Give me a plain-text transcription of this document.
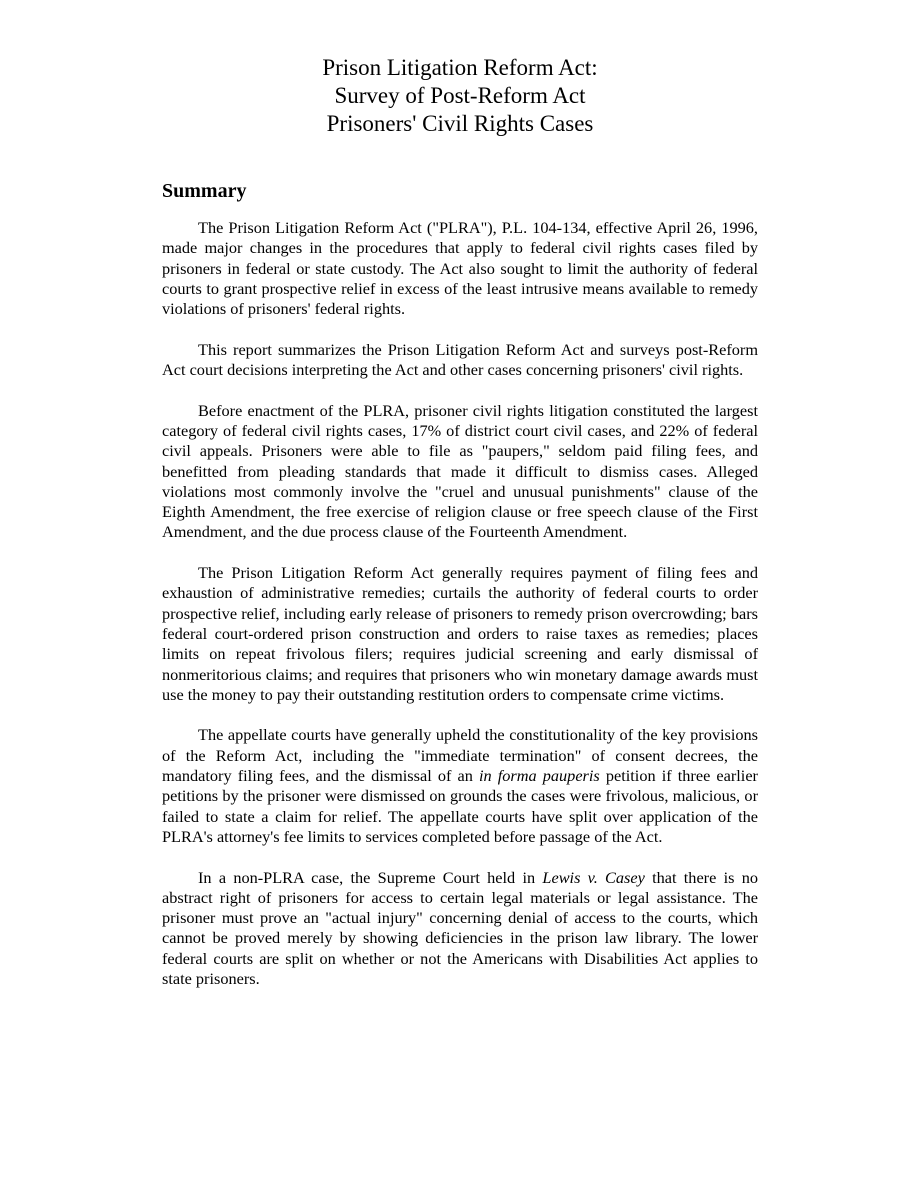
Prison Litigation Reform Act:
Survey of Post-Reform Act
Prisoners' Civil Rights Cases
Summary

The Prison Litigation Reform Act ("PLRA"), P.L. 104-134, effective April 26, 1996, made major changes in the procedures that apply to federal civil rights cases filed by prisoners in federal or state custody. The Act also sought to limit the authority of federal courts to grant prospective relief in excess of the least intrusive means available to remedy violations of prisoners' federal rights.

This report summarizes the Prison Litigation Reform Act and surveys post-Reform Act court decisions interpreting the Act and other cases concerning prisoners' civil rights.

Before enactment of the PLRA, prisoner civil rights litigation constituted the largest category of federal civil rights cases, 17% of district court civil cases, and 22% of federal civil appeals. Prisoners were able to file as "paupers," seldom paid filing fees, and benefitted from pleading standards that made it difficult to dismiss cases. Alleged violations most commonly involve the "cruel and unusual punishments" clause of the Eighth Amendment, the free exercise of religion clause or free speech clause of the First Amendment, and the due process clause of the Fourteenth Amendment.

The Prison Litigation Reform Act generally requires payment of filing fees and exhaustion of administrative remedies; curtails the authority of federal courts to order prospective relief, including early release of prisoners to remedy prison overcrowding; bars federal court-ordered prison construction and orders to raise taxes as remedies; places limits on repeat frivolous filers; requires judicial screening and early dismissal of nonmeritorious claims; and requires that prisoners who win monetary damage awards must use the money to pay their outstanding restitution orders to compensate crime victims.

The appellate courts have generally upheld the constitutionality of the key provisions of the Reform Act, including the "immediate termination" of consent decrees, the mandatory filing fees, and the dismissal of an in forma pauperis petition if three earlier petitions by the prisoner were dismissed on grounds the cases were frivolous, malicious, or failed to state a claim for relief. The appellate courts have split over application of the PLRA's attorney's fee limits to services completed before passage of the Act.

In a non-PLRA case, the Supreme Court held in Lewis v. Casey that there is no abstract right of prisoners for access to certain legal materials or legal assistance. The prisoner must prove an "actual injury" concerning denial of access to the courts, which cannot be proved merely by showing deficiencies in the prison law library. The lower federal courts are split on whether or not the Americans with Disabilities Act applies to state prisoners.
